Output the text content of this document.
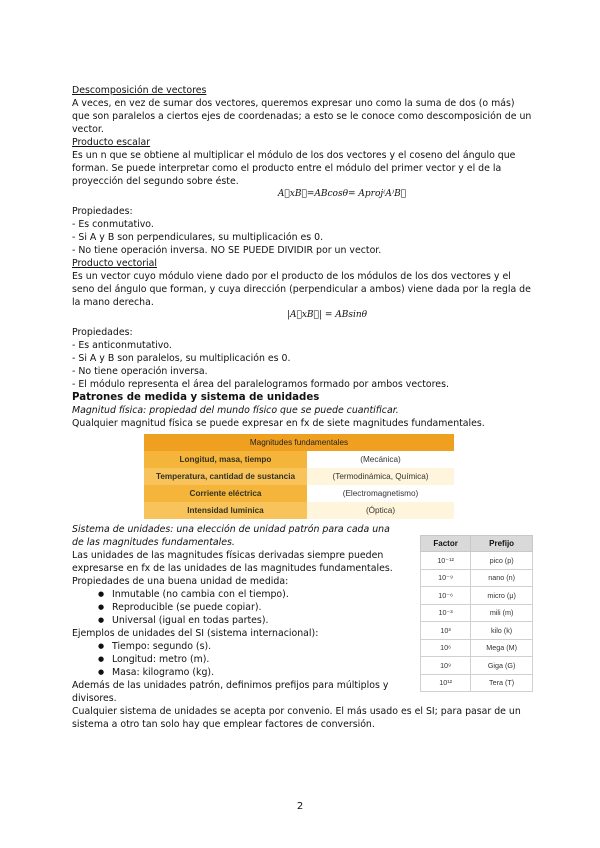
Descomposición de vectores

A veces, en vez de sumar dos vectores, queremos expresar uno como la suma de dos (o más) que son paralelos a ciertos ejes de coordenadas; a esto se le conoce como descomposición de un vector.

Producto escalar

Es un n que se obtiene al multiplicar el módulo de los dos vectores y el coseno del ángulo que forman. Se puede interpretar como el producto entre el módulo del primer vector y el de la proyección del segundo sobre éste.

A⃗xB⃗=ABcosθ= Aproj⁽A⁾B⃗

Propiedades:

- Es conmutativo.

- Si A y B son perpendiculares, su multiplicación es 0.

- No tiene operación inversa. NO SE PUEDE DIVIDIR por un vector.

Producto vectorial

Es un vector cuyo módulo viene dado por el producto de los módulos de los dos vectores y el seno del ángulo que forman, y cuya dirección (perpendicular a ambos) viene dada por la regla de la mano derecha.

|A⃗xB⃗| = ABsinθ

Propiedades:

- Es anticonmutativo.

- Si A y B son paralelos, su multiplicación es 0.

- No tiene operación inversa.

- El módulo representa el área del paralelogramos formado por ambos vectores.

Patrones de medida y sistema de unidades

Magnitud física: propiedad del mundo físico que se puede cuantificar.

Qualquier magnitud física se puede expresar en fx de siete magnitudes fundamentales.

Magnitudes fundamentales	
Longitud, masa, tiempo	(Mecánica)
Temperatura, cantidad de sustancia	(Termodinámica, Química)
Corriente eléctrica	(Electromagnetismo)
Intensidad luminica	(Óptica)

Sistema de unidades: una elección de unidad patrón para cada una de las magnitudes fundamentales.

Las unidades de las magnitudes físicas derivadas siempre pueden expresarse en fx de las unidades de las magnitudes fundamentales.

Propiedades de una buena unidad de medida:

● Inmutable (no cambia con el tiempo).
● Reproducible (se puede copiar).
● Universal (igual en todas partes).

Ejemplos de unidades del SI (sistema internacional):

● Tiempo: segundo (s).
● Longitud: metro (m).
● Masa: kilogramo (kg).

Además de las unidades patrón, definimos prefijos para múltiplos y divisores.

Factor	Prefijo
10⁻¹²	pico (p)
10⁻⁹	nano (n)
10⁻⁶	micro (μ)
10⁻³	mili (m)
10³	kilo (k)
10⁶	Mega (M)
10⁹	Giga (G)
10¹²	Tera (T)

Cualquier sistema de unidades se acepta por convenio. El más usado es el SI; para pasar de un sistema a otro tan solo hay que emplear factores de conversión.

2
